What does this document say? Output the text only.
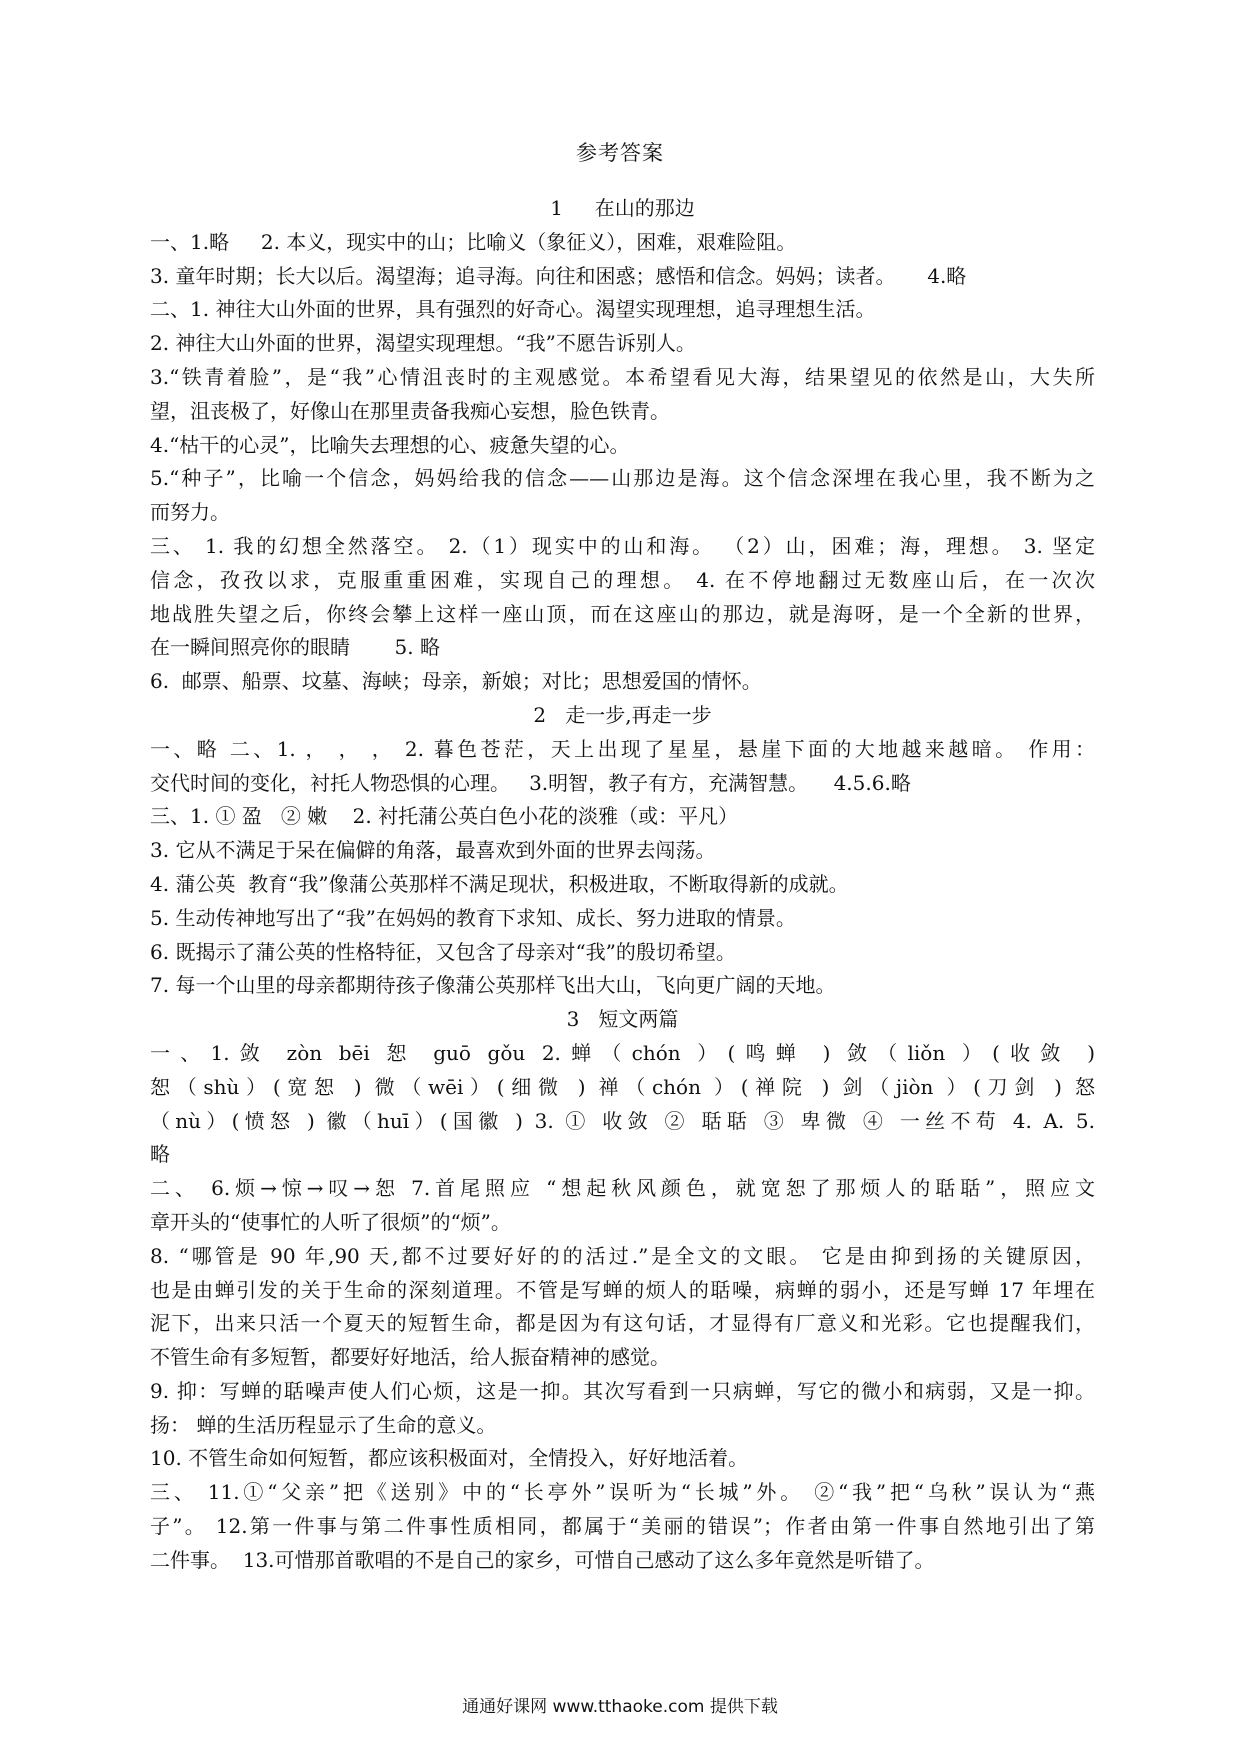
参考答案
1     在山的那边
一、1.略     2. 本义，现实中的山；比喻义（象征义），困难，艰难险阻。
3. 童年时期；长大以后。渴望海；追寻海。向往和困惑；感悟和信念。妈妈；读者。     4.略
二、1. 神往大山外面的世界，具有强烈的好奇心。渴望实现理想，追寻理想生活。
2. 神往大山外面的世界，渴望实现理想。“我”不愿告诉别人。
3.“铁青着脸”，是“我”心情沮丧时的主观感觉。本希望看见大海，结果望见的依然是山，大失所
望，沮丧极了，好像山在那里责备我痴心妄想，脸色铁青。
4.“枯干的心灵”，比喻失去理想的心、疲惫失望的心。
5.“种子”，比喻一个信念，妈妈给我的信念——山那边是海。这个信念深埋在我心里，我不断为之
而努力。
三、 1. 我的幻想全然落空。 2.（1）现实中的山和海。 （2）山，困难；海，理想。 3. 坚定
信念，孜孜以求，克服重重困难，实现自己的理想。 4. 在不停地翻过无数座山后，在一次次
地战胜失望之后，你终会攀上这样一座山顶，而在这座山的那边，就是海呀，是一个全新的世界，
在一瞬间照亮你的眼睛       5. 略
6.  邮票、船票、坟墓、海峡；母亲，新娘；对比；思想爱国的情怀。
2   走一步,再走一步
一、略 二、1. ， ， ， 2. 暮色苍茫，天上出现了星星，悬崖下面的大地越来越暗。 作用：
交代时间的变化，衬托人物恐惧的心理。   3.明智，教子有方，充满智慧。    4.5.6.略
三、1. ① 盈   ② 嫩    2. 衬托蒲公英白色小花的淡雅（或：平凡）
3. 它从不满足于呆在偏僻的角落，最喜欢到外面的世界去闯荡。
4. 蒲公英  教育“我”像蒲公英那样不满足现状，积极进取，不断取得新的成就。
5. 生动传神地写出了“我”在妈妈的教育下求知、成长、努力进取的情景。
6. 既揭示了蒲公英的性格特征，又包含了母亲对“我”的殷切希望。
7. 每一个山里的母亲都期待孩子像蒲公英那样飞出大山，飞向更广阔的天地。
3   短文两篇
一、1.敛 zòn bēi 恕 guō gǒu 2.蝉（chón ）(鸣蝉 ) 敛（liǒn ）(收敛 )
恕（shù）(宽恕 ) 微（wēi）(细微 ) 禅（chón ）(禅院 ) 剑（jiòn ）(刀剑 ) 怒
（nù）(愤怒 ) 徽（huī）(国徽 ) 3. ① 收敛 ② 聒聒 ③ 卑微 ④ 一丝不苟 4. A. 5.
略
二、 6.烦→惊→叹→恕 7.首尾照应 “想起秋风颜色，就宽恕了那烦人的聒聒”，照应文
章开头的“使事忙的人听了很烦”的“烦”。
8. “哪管是 90 年,90 天,都不过要好好的的活过.”是全文的文眼。 它是由抑到扬的关键原因，
也是由蝉引发的关于生命的深刻道理。不管是写蝉的烦人的聒噪，病蝉的弱小，还是写蝉 17 年埋在
泥下，出来只活一个夏天的短暂生命，都是因为有这句话，才显得有厂意义和光彩。它也提醒我们，
不管生命有多短暂，都要好好地活，给人振奋精神的感觉。
9. 抑：写蝉的聒噪声使人们心烦，这是一抑。其次写看到一只病蝉，写它的微小和病弱，又是一抑。
扬： 蝉的生活历程显示了生命的意义。
10. 不管生命如何短暂，都应该积极面对，全情投入，好好地活着。
三、 11.①“父亲”把《送别》中的“长亭外”误听为“长城”外。 ②“我”把“乌秋”误认为“燕
子”。 12.第一件事与第二件事性质相同，都属于“美丽的错误”；作者由第一件事自然地引出了第
二件事。  13.可惜那首歌唱的不是自己的家乡，可惜自己感动了这么多年竟然是听错了。
通通好课网 www.tthaoke.com 提供下载
